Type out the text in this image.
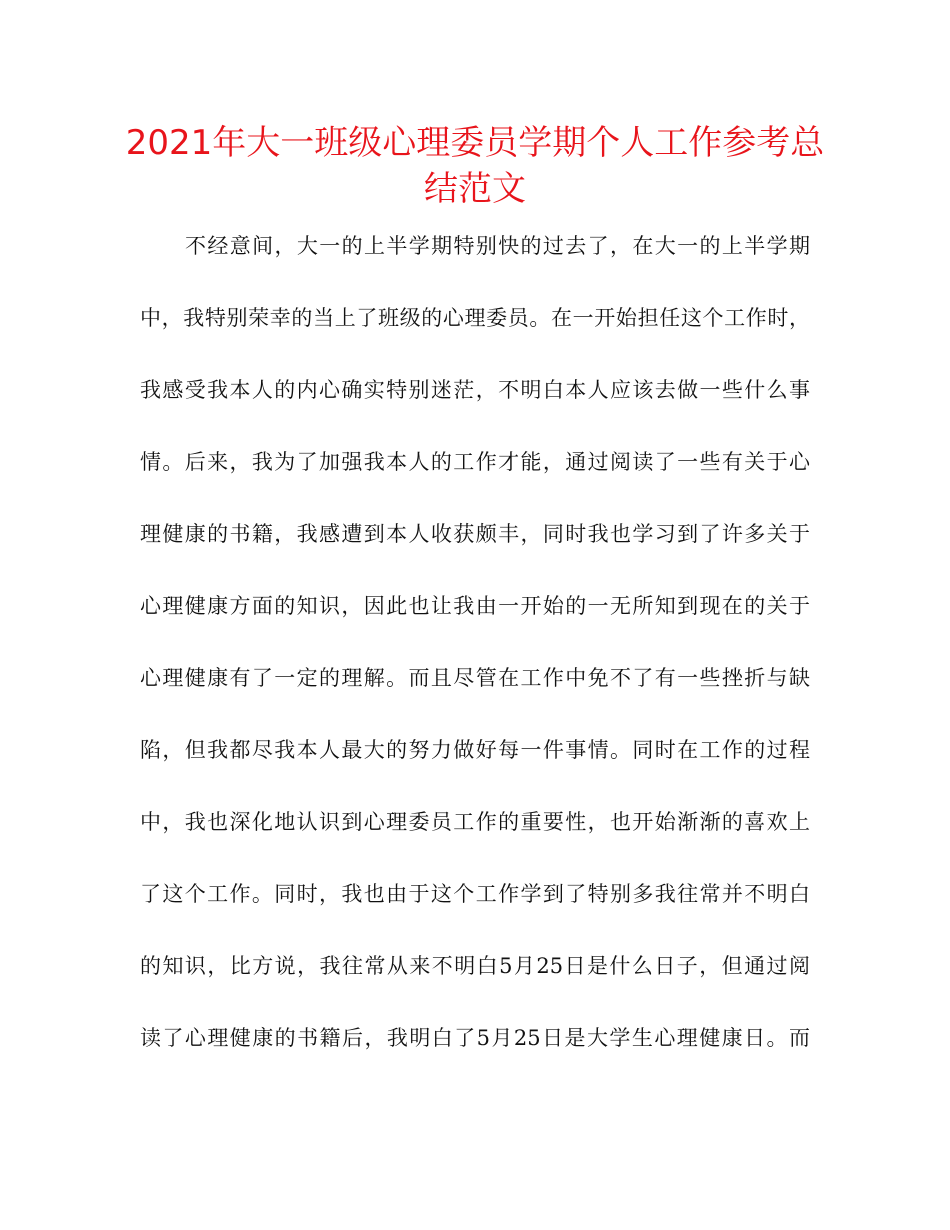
2021年大一班级心理委员学期个人工作参考总
结范文
不经意间，大一的上半学期特别快的过去了，在大一的上半学期
中，我特别荣幸的当上了班级的心理委员。在一开始担任这个工作时，
我感受我本人的内心确实特别迷茫，不明白本人应该去做一些什么事
情。后来，我为了加强我本人的工作才能，通过阅读了一些有关于心
理健康的书籍，我感遭到本人收获颇丰，同时我也学习到了许多关于
心理健康方面的知识，因此也让我由一开始的一无所知到现在的关于
心理健康有了一定的理解。而且尽管在工作中免不了有一些挫折与缺
陷，但我都尽我本人最大的努力做好每一件事情。同时在工作的过程
中，我也深化地认识到心理委员工作的重要性，也开始渐渐的喜欢上
了这个工作。同时，我也由于这个工作学到了特别多我往常并不明白
的知识，比方说，我往常从来不明白5月25日是什么日子，但通过阅
读了心理健康的书籍后，我明白了5月25日是大学生心理健康日。而
